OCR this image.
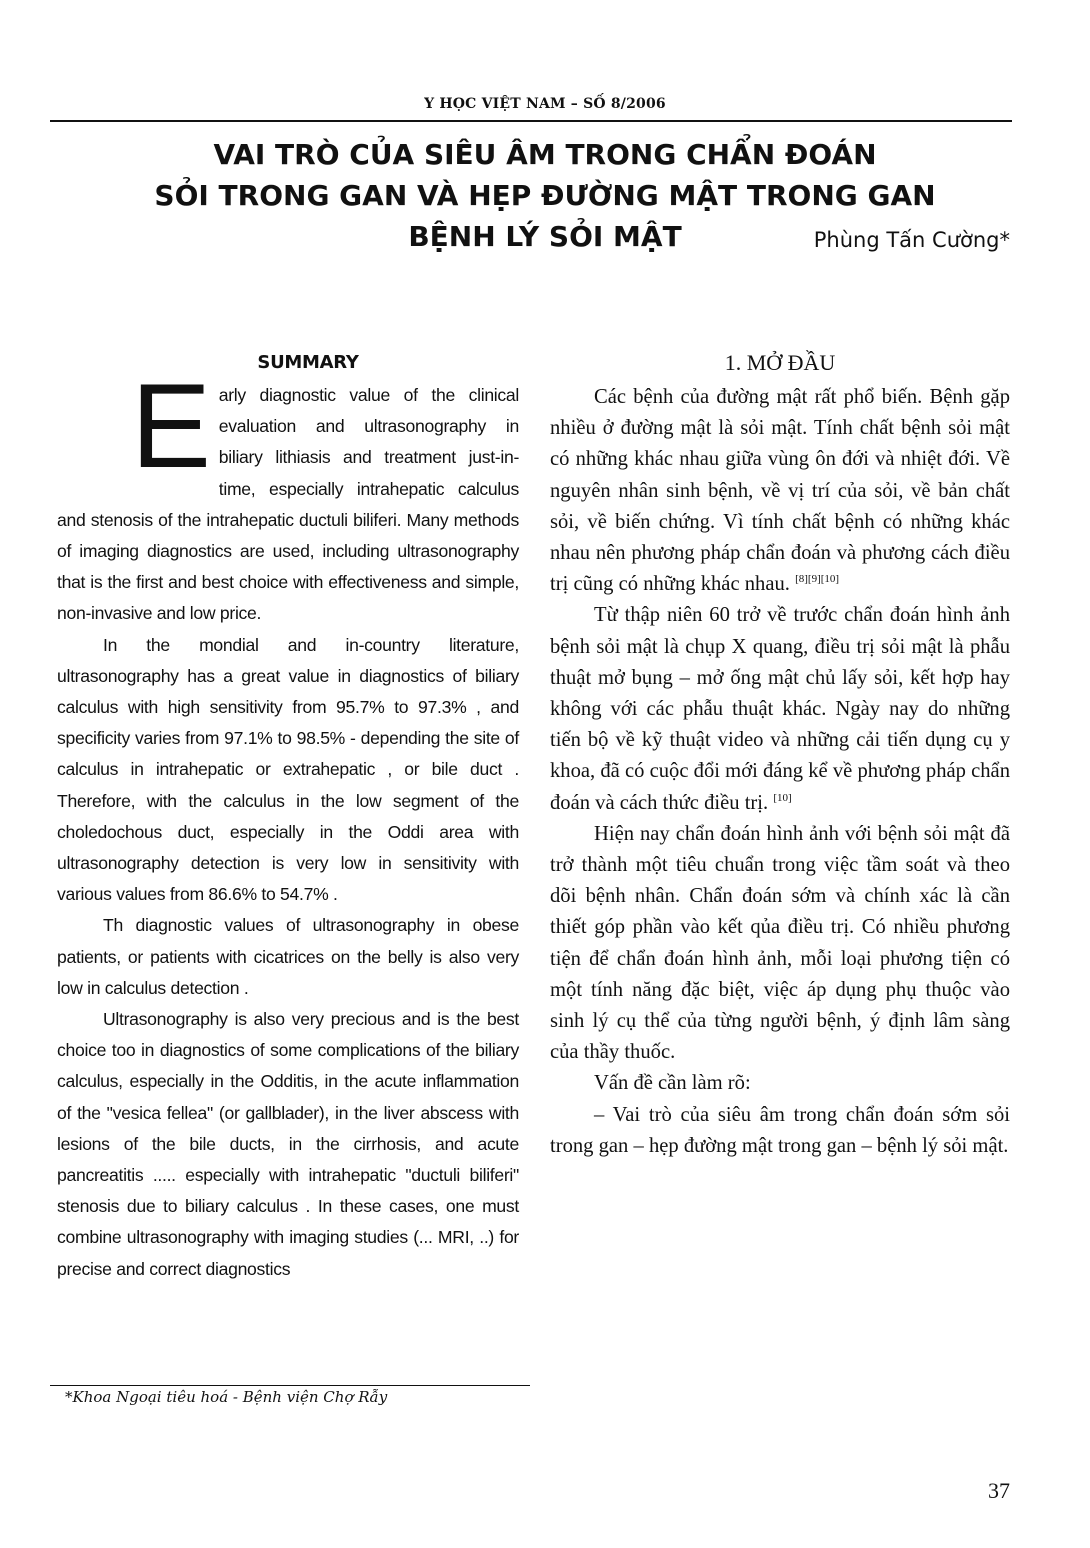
Y HỌC VIỆT NAM – SỐ 8/2006
VAI TRÒ CỦA SIÊU ÂM TRONG CHẨN ĐOÁN
SỎI TRONG GAN VÀ HẸP ĐƯỜNG MẬT TRONG GAN
BỆNH LÝ SỎI MẬT	Phùng Tấn Cường*
SUMMARY

Early diagnostic value of the clinical evaluation and ultrasonography in biliary lithiasis and treatment just-in-time, especially intrahepatic calculus and stenosis of the intrahepatic ductuli biliferi. Many methods of imaging diagnostics are used, including ultrasonography that is the first and best choice with effectiveness and simple, non-invasive and low price.

In the mondial and in-country literature, ultrasonography has a great value in diagnostics of biliary calculus with high sensitivity from 95.7% to 97.3% , and specificity varies from 97.1% to 98.5% - depending the site of calculus in intrahepatic or extrahepatic , or bile duct . Therefore, with the calculus in the low segment of the choledochous duct, especially in the Oddi area with ultrasonography detection is very low in sensitivity with various values from 86.6% to 54.7% .

Th diagnostic values of ultrasonography in obese patients, or patients with cicatrices on the belly is also very low in calculus detection .

Ultrasonography is also very precious and is the best choice too in diagnostics of some complications of the biliary calculus, especially in the Odditis, in the acute inflammation of the "vesica fellea" (or gallblader), in the liver abscess with lesions of the bile ducts, in the cirrhosis, and acute pancreatitis ..... especially with intrahepatic "ductuli biliferi" stenosis due to biliary calculus . In these cases, one must combine ultrasonography with imaging studies (... MRI, ..) for precise and correct diagnostics

*Khoa Ngoại tiêu hoá - Bệnh viện Chợ Rẫy
1. MỞ ĐẦU

Các bệnh của đường mật rất phổ biến. Bệnh gặp nhiều ở đường mật là sỏi mật. Tính chất bệnh sỏi mật có những khác nhau giữa vùng ôn đới và nhiệt đới. Về nguyên nhân sinh bệnh, về vị trí của sỏi, về bản chất sỏi, về biến chứng. Vì tính chất bệnh có những khác nhau nên phương pháp chẩn đoán và phương cách điều trị cũng có những khác nhau. [8][9][10]

Từ thập niên 60 trở về trước chẩn đoán hình ảnh bệnh sỏi mật là chụp X quang, điều trị sỏi mật là phẫu thuật mở bụng – mở ống mật chủ lấy sỏi, kết hợp hay không với các phẫu thuật khác. Ngày nay do những tiến bộ về kỹ thuật video và những cải tiến dụng cụ y khoa, đã có cuộc đổi mới đáng kể về phương pháp chẩn đoán và cách thức điều trị. [10]

Hiện nay chẩn đoán hình ảnh với bệnh sỏi mật đã trở thành một tiêu chuẩn trong việc tầm soát và theo dõi bệnh nhân. Chẩn đoán sớm và chính xác là cần thiết góp phần vào kết qủa điều trị. Có nhiều phương tiện để chẩn đoán hình ảnh, mỗi loại phương tiện có một tính năng đặc biệt, việc áp dụng phụ thuộc vào sinh lý cụ thể của từng người bệnh, ý định lâm sàng của thầy thuốc.

Vấn đề cần làm rõ:

– Vai trò của siêu âm trong chẩn đoán sớm sỏi trong gan – hẹp đường mật trong gan – bệnh lý sỏi mật.

37
